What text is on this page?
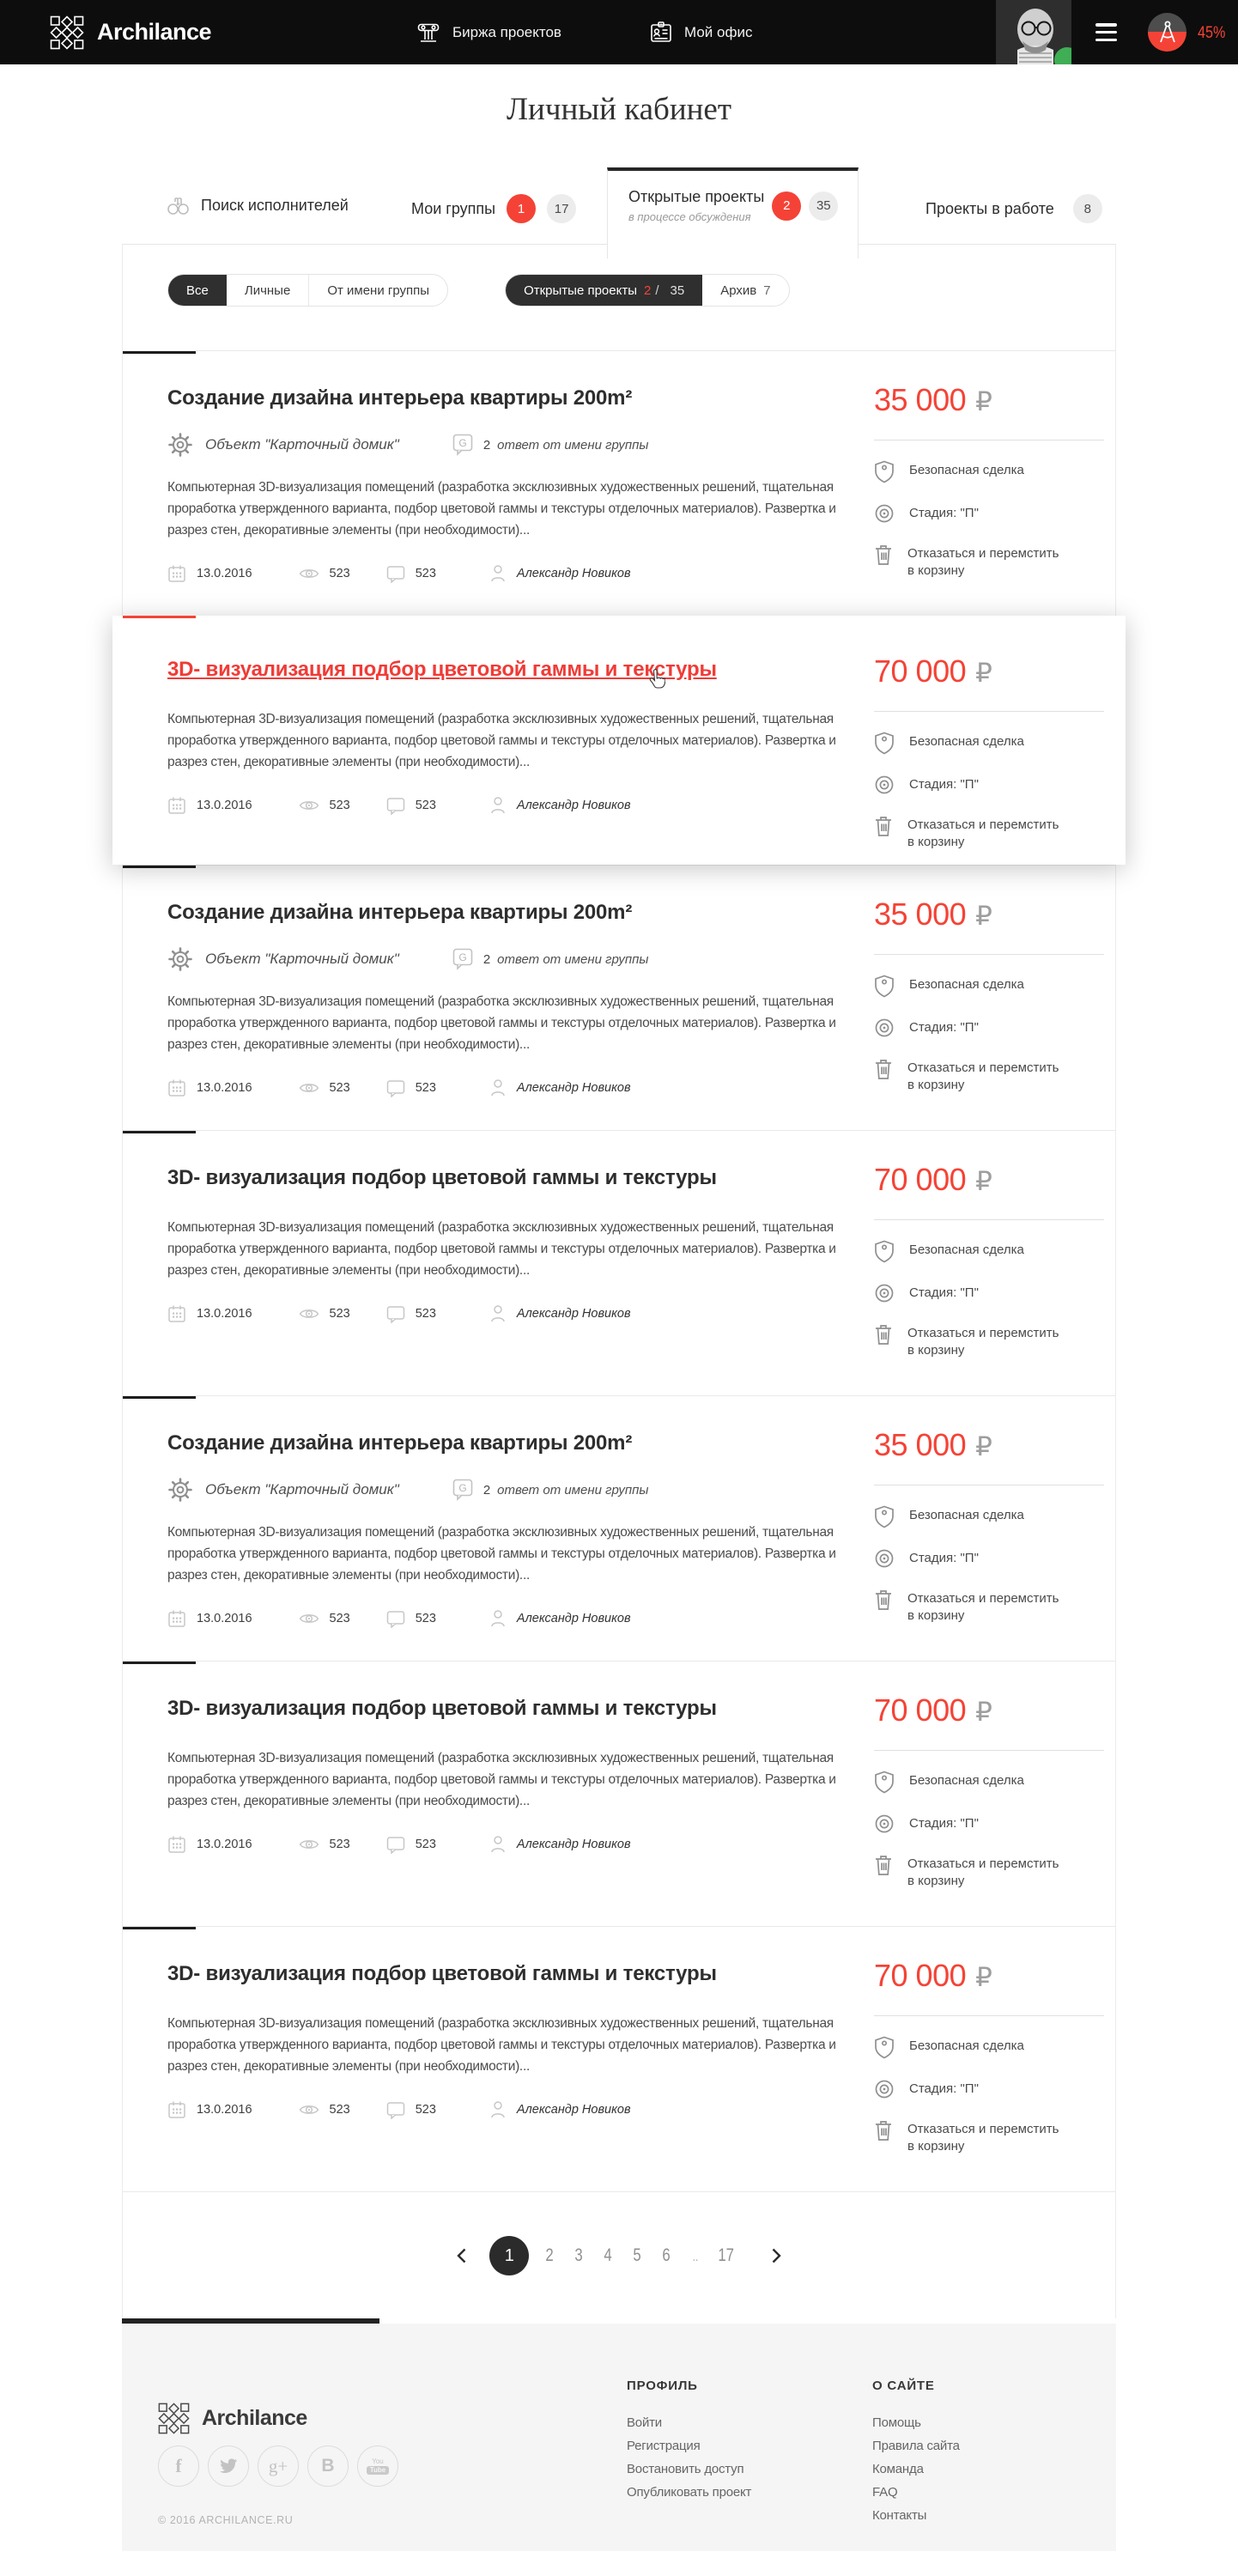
Archilance	Биржа проектов	Мой офис	45%
Личный кабинет
Поиск исполнителей	Мои группы	1	17
Открытые проекты
в процессе обсуждения
2	35	Проекты в работе	8
Все	Личные	От имени группы	Открытые проекты 2 / 35	Архив 7
Создание дизайна интерьера квартиры 200m²
Объект "Карточный домик"	G 2 ответ от имени группы

Компьютерная 3D-визуализация помещений (разработка эксклюзивных художественных решений, тщательная проработка утвержденного варианта, подбор цветовой гаммы и текстуры отделочных материалов). Развертка и разрез стен, декоративные элементы (при необходимости)...

13.0.2016	523	523	Александр Новиков
35 000 ₽
Безопасная сделка
Стадия: "П"
Отказаться и перемстить
в корзину
3D- визуализация подбор цветовой гаммы и текстуры

Компьютерная 3D-визуализация помещений (разработка эксклюзивных художественных решений, тщательная проработка утвержденного варианта, подбор цветовой гаммы и текстуры отделочных материалов). Развертка и разрез стен, декоративные элементы (при необходимости)...

13.0.2016	523	523	Александр Новиков
70 000 ₽
Безопасная сделка
Стадия: "П"
Отказаться и перемстить
в корзину
Создание дизайна интерьера квартиры 200m²
Объект "Карточный домик"	G 2 ответ от имени группы

Компьютерная 3D-визуализация помещений (разработка эксклюзивных художественных решений, тщательная проработка утвержденного варианта, подбор цветовой гаммы и текстуры отделочных материалов). Развертка и разрез стен, декоративные элементы (при необходимости)...

13.0.2016	523	523	Александр Новиков
35 000 ₽
Безопасная сделка
Стадия: "П"
Отказаться и перемстить
в корзину
3D- визуализация подбор цветовой гаммы и текстуры

Компьютерная 3D-визуализация помещений (разработка эксклюзивных художественных решений, тщательная проработка утвержденного варианта, подбор цветовой гаммы и текстуры отделочных материалов). Развертка и разрез стен, декоративные элементы (при необходимости)...

13.0.2016	523	523	Александр Новиков
70 000 ₽
Безопасная сделка
Стадия: "П"
Отказаться и перемстить
в корзину
Создание дизайна интерьера квартиры 200m²
Объект "Карточный домик"	G 2 ответ от имени группы

Компьютерная 3D-визуализация помещений (разработка эксклюзивных художественных решений, тщательная проработка утвержденного варианта, подбор цветовой гаммы и текстуры отделочных материалов). Развертка и разрез стен, декоративные элементы (при необходимости)...

13.0.2016	523	523	Александр Новиков
35 000 ₽
Безопасная сделка
Стадия: "П"
Отказаться и перемстить
в корзину
3D- визуализация подбор цветовой гаммы и текстуры

Компьютерная 3D-визуализация помещений (разработка эксклюзивных художественных решений, тщательная проработка утвержденного варианта, подбор цветовой гаммы и текстуры отделочных материалов). Развертка и разрез стен, декоративные элементы (при необходимости)...

13.0.2016	523	523	Александр Новиков
70 000 ₽
Безопасная сделка
Стадия: "П"
Отказаться и перемстить
в корзину
3D- визуализация подбор цветовой гаммы и текстуры

Компьютерная 3D-визуализация помещений (разработка эксклюзивных художественных решений, тщательная проработка утвержденного варианта, подбор цветовой гаммы и текстуры отделочных материалов). Развертка и разрез стен, декоративные элементы (при необходимости)...

13.0.2016	523	523	Александр Новиков
70 000 ₽
Безопасная сделка
Стадия: "П"
Отказаться и перемстить
в корзину
1 2 3 4 5 6 .. 17
Archilance
f	g+ B	You
Tube
© 2016 ARCHILANCE.RU
ПРОФИЛЬ
Войти
Регистрация
Востановить доступ
Опубликовать проект
О САЙТЕ
Помощь
Правила сайта
Команда
FAQ
Контакты
